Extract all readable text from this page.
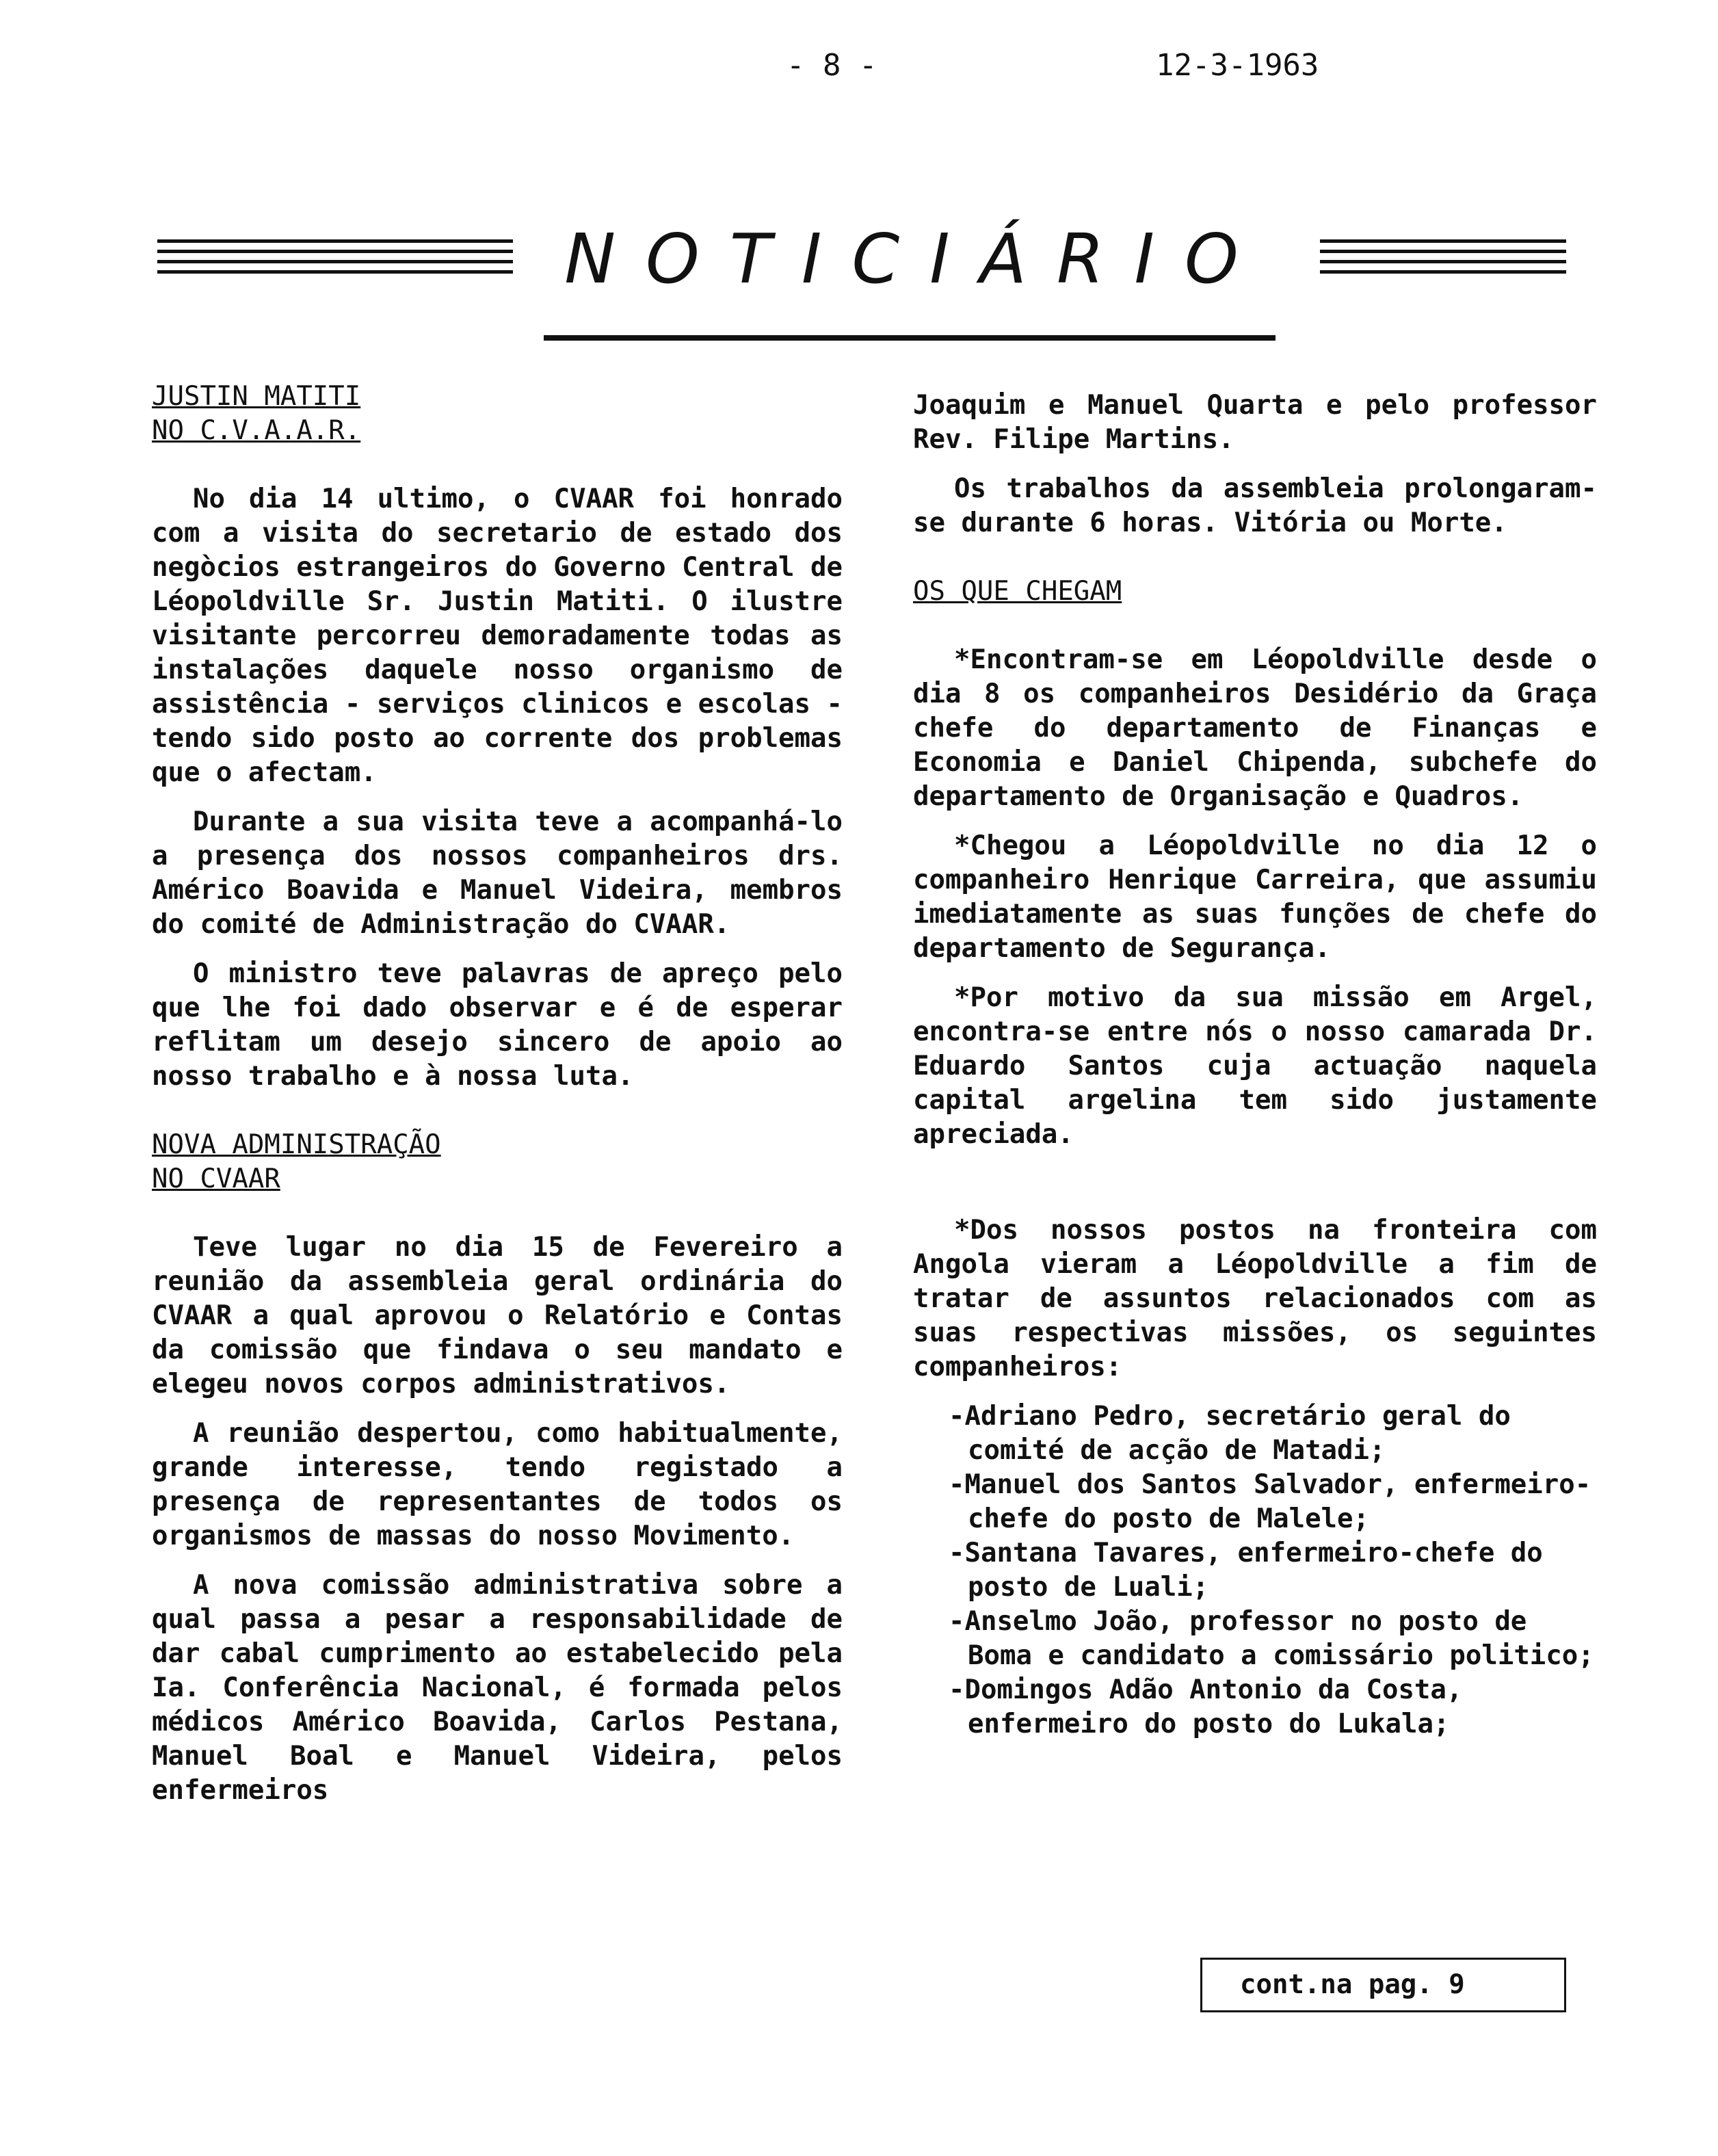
- 8 -	12-3-1963
NOTICIÁRIO
JUSTIN MATITI
NO C.V.A.A.R.

No dia 14 ultimo, o CVAAR foi honrado com a visita do secretario de estado dos negòcios estrangeiros do Governo Central de Léopoldville Sr. Justin Matiti. O ilustre visitante percorreu demoradamente todas as instalações daquele nosso organismo de assistência - serviços clinicos e escolas - tendo sido posto ao corrente dos problemas que o afectam.

Durante a sua visita teve a acompanhá-lo a presença dos nossos companheiros drs. Américo Boavida e Manuel Videira, membros do comité de Administração do CVAAR.

O ministro teve palavras de apreço pelo que lhe foi dado observar e é de esperar reflitam um desejo sincero de apoio ao nosso trabalho e à nossa luta.

NOVA ADMINISTRAÇÃO
NO CVAAR

Teve lugar no dia 15 de Fevereiro a reunião da assembleia geral ordinária do CVAAR a qual aprovou o Relatório e Contas da comissão que findava o seu mandato e elegeu novos corpos administrativos.

A reunião despertou, como habitualmente, grande interesse, tendo registado a presença de representantes de todos os organismos de massas do nosso Movimento.

A nova comissão administrativa sobre a qual passa a pesar a responsabilidade de dar cabal cumprimento ao estabelecido pela Ia. Conferência Nacional, é formada pelos médicos Américo Boavida, Carlos Pestana, Manuel Boal e Manuel Videira, pelos enfermeiros

Joaquim e Manuel Quarta e pelo professor Rev. Filipe Martins.

Os trabalhos da assembleia prolongaram-se durante 6 horas. Vitória ou Morte.

OS QUE CHEGAM

*Encontram-se em Léopoldville desde o dia 8 os companheiros Desidério da Graça chefe do departamento de Finanças e Economia e Daniel Chipenda, subchefe do departamento de Organisação e Quadros.

*Chegou a Léopoldville no dia 12 o companheiro Henrique Carreira, que assumiu imediatamente as suas funções de chefe do departamento de Segurança.

*Por motivo da sua missão em Argel, encontra-se entre nós o nosso camarada Dr. Eduardo Santos cuja actuação naquela capital argelina tem sido justamente apreciada.

*Dos nossos postos na fronteira com Angola vieram a Léopoldville a fim de tratar de assuntos relacionados com as suas respectivas missões, os seguintes companheiros:

-Adriano Pedro, secretário geral do comité de acção de Matadi;
-Manuel dos Santos Salvador, enfermeiro-chefe do posto de Malele;
-Santana Tavares, enfermeiro-chefe do posto de Luali;
-Anselmo João, professor no posto de Boma e candidato a comissário politico;
-Domingos Adão Antonio da Costa, enfermeiro do posto do Lukala;
cont.na pag. 9
